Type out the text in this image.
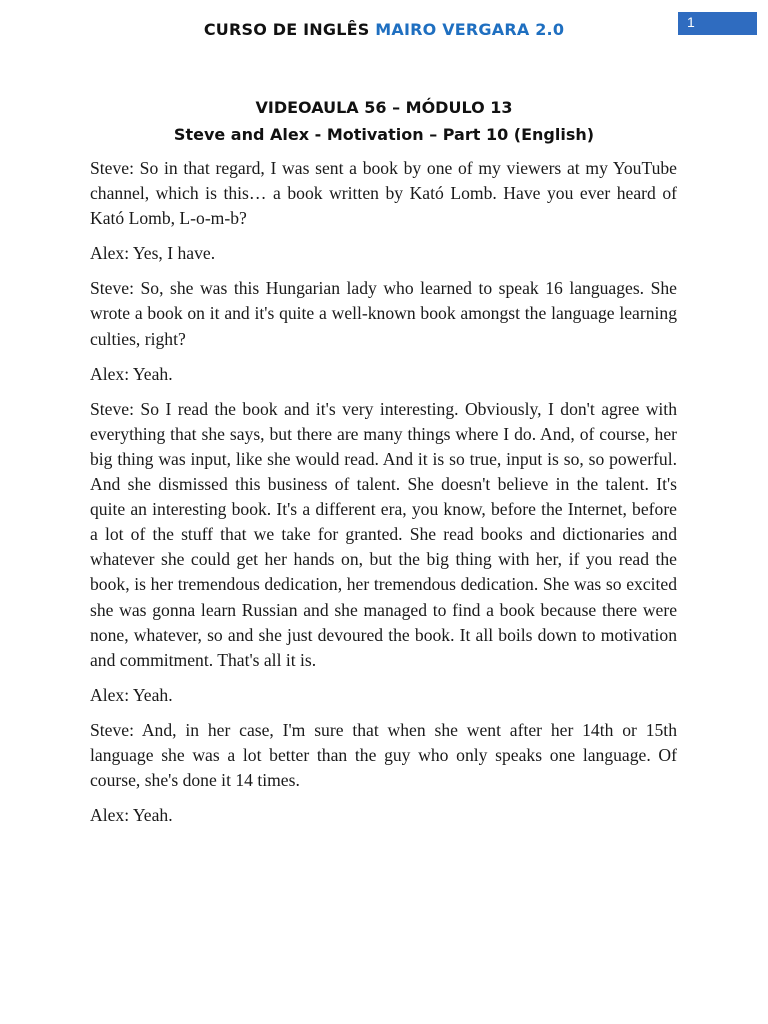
CURSO DE INGLÊS MAIRO VERGARA 2.0	1
VIDEOAULA 56 – MÓDULO 13
Steve and Alex - Motivation – Part 10 (English)

Steve: So in that regard, I was sent a book by one of my viewers at my YouTube channel, which is this… a book written by Kató Lomb. Have you ever heard of Kató Lomb, L-o-m-b?

Alex: Yes, I have.

Steve: So, she was this Hungarian lady who learned to speak 16 languages. She wrote a book on it and it's quite a well-known book amongst the language learning culties, right?

Alex: Yeah.

Steve: So I read the book and it's very interesting. Obviously, I don't agree with everything that she says, but there are many things where I do. And, of course, her big thing was input, like she would read. And it is so true, input is so, so powerful. And she dismissed this business of talent. She doesn't believe in the talent. It's quite an interesting book. It's a different era, you know, before the Internet, before a lot of the stuff that we take for granted. She read books and dictionaries and whatever she could get her hands on, but the big thing with her, if you read the book, is her tremendous dedication, her tremendous dedication. She was so excited she was gonna learn Russian and she managed to find a book because there were none, whatever, so and she just devoured the book. It all boils down to motivation and commitment. That's all it is.

Alex: Yeah.

Steve: And, in her case, I'm sure that when she went after her 14th or 15th language she was a lot better than the guy who only speaks one language. Of course, she's done it 14 times.

Alex: Yeah.
